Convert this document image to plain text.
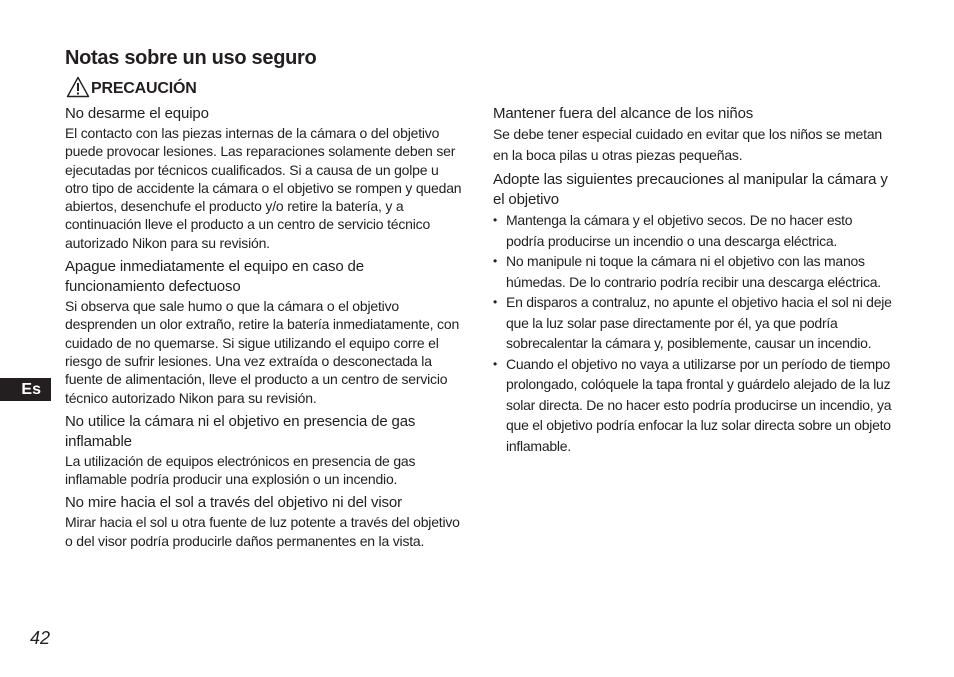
Notas sobre un uso seguro
PRECAUCIÓN

No desarme el equipo

El contacto con las piezas internas de la cámara o del objetivo puede provocar lesiones. Las reparaciones solamente deben ser ejecutadas por técnicos cualificados. Si a causa de un golpe u otro tipo de accidente la cámara o el objetivo se rompen y quedan abiertos, desenchufe el producto y/o retire la batería, y a continuación lleve el producto a un centro de servicio técnico autorizado Nikon para su revisión.

Apague inmediatamente el equipo en caso de funcionamiento defectuoso

Si observa que sale humo o que la cámara o el objetivo desprenden un olor extraño, retire la batería inmediatamente, con cuidado de no quemarse. Si sigue utilizando el equipo corre el riesgo de sufrir lesiones. Una vez extraída o desconectada la fuente de alimentación, lleve el producto a un centro de servicio técnico autorizado Nikon para su revisión.

No utilice la cámara ni el objetivo en presencia de gas inflamable

La utilización de equipos electrónicos en presencia de gas inflamable podría producir una explosión o un incendio.

No mire hacia el sol a través del objetivo ni del visor

Mirar hacia el sol u otra fuente de luz potente a través del objetivo o del visor podría producirle daños permanentes en la vista.

Mantener fuera del alcance de los niños

Se debe tener especial cuidado en evitar que los niños se metan en la boca pilas u otras piezas pequeñas.

Adopte las siguientes precauciones al manipular la cámara y el objetivo

• Mantenga la cámara y el objetivo secos. De no hacer esto podría producirse un incendio o una descarga eléctrica.
• No manipule ni toque la cámara ni el objetivo con las manos húmedas. De lo contrario podría recibir una descarga eléctrica.
• En disparos a contraluz, no apunte el objetivo hacia el sol ni deje que la luz solar pase directamente por él, ya que podría sobrecalentar la cámara y, posiblemente, causar un incendio.
• Cuando el objetivo no vaya a utilizarse por un período de tiempo prolongado, colóquele la tapa frontal y guárdelo alejado de la luz solar directa. De no hacer esto podría producirse un incendio, ya que el objetivo podría enfocar la luz solar directa sobre un objeto inflamable.
Es
42
